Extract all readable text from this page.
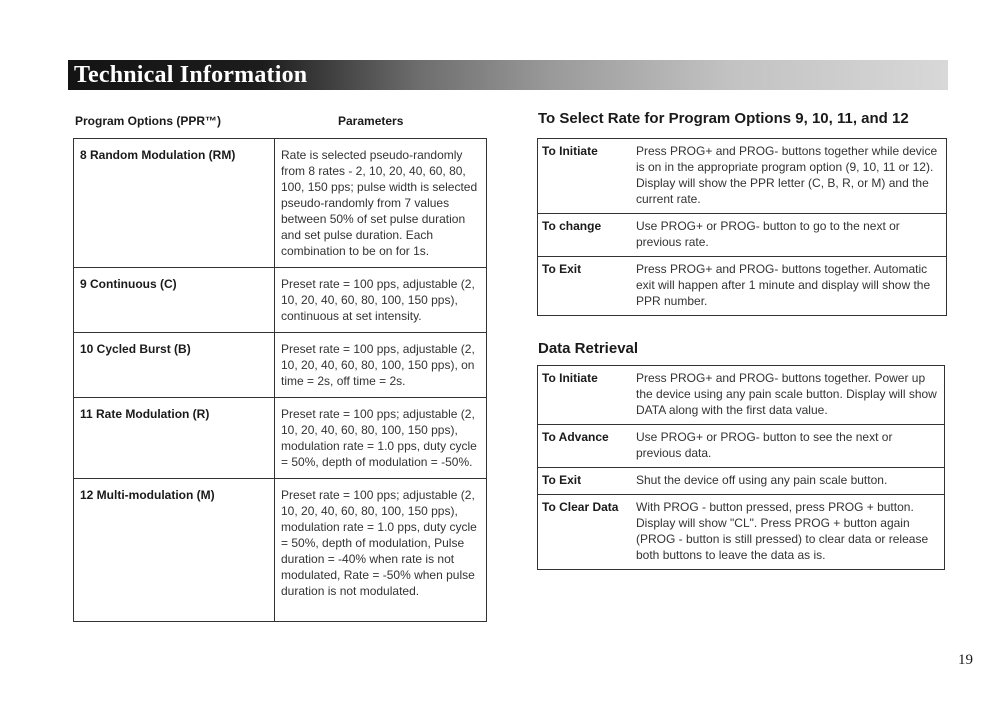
Technical Information
Program Options (PPR™)	Parameters
8 Random Modulation (RM)	Rate is selected pseudo-randomly from 8 rates - 2, 10, 20, 40, 60, 80, 100, 150 pps; pulse width is selected pseudo-randomly from 7 values between 50% of set pulse duration and set pulse duration. Each combination to be on for 1s.
9 Continuous (C)	Preset rate = 100 pps, adjustable (2, 10, 20, 40, 60, 80, 100, 150 pps), continuous at set intensity.
10 Cycled Burst (B)	Preset rate = 100 pps, adjustable (2, 10, 20, 40, 60, 80, 100, 150 pps), on time = 2s, off time = 2s.
11 Rate Modulation (R)	Preset rate = 100 pps; adjustable (2, 10, 20, 40, 60, 80, 100, 150 pps), modulation rate = 1.0 pps, duty cycle = 50%, depth of modulation = -50%.
12 Multi-modulation (M)	Preset rate = 100 pps; adjustable (2, 10, 20, 40, 60, 80, 100, 150 pps), modulation rate = 1.0 pps, duty cycle = 50%, depth of modulation, Pulse duration = -40% when rate is not modulated, Rate = -50% when pulse duration is not modulated.
To Select Rate for Program Options 9, 10, 11, and 12
To Initiate	Press PROG+ and PROG- buttons together while device is on in the appropriate program option (9, 10, 11 or 12). Display will show the PPR letter (C, B, R, or M) and the current rate.
To change	Use PROG+ or PROG- button to go to the next or previous rate.
To Exit	Press PROG+ and PROG- buttons together. Automatic exit will happen after 1 minute and display will show the PPR number.
Data Retrieval
To Initiate	Press PROG+ and PROG- buttons together. Power up the device using any pain scale button. Display will show DATA along with the first data value.
To Advance	Use PROG+ or PROG- button to see the next or previous data.
To Exit	Shut the device off using any pain scale button.
To Clear Data	With PROG - button pressed, press PROG + button. Display will show "CL". Press PROG + button again (PROG - button is still pressed) to clear data or release both buttons to leave the data as is.
19
